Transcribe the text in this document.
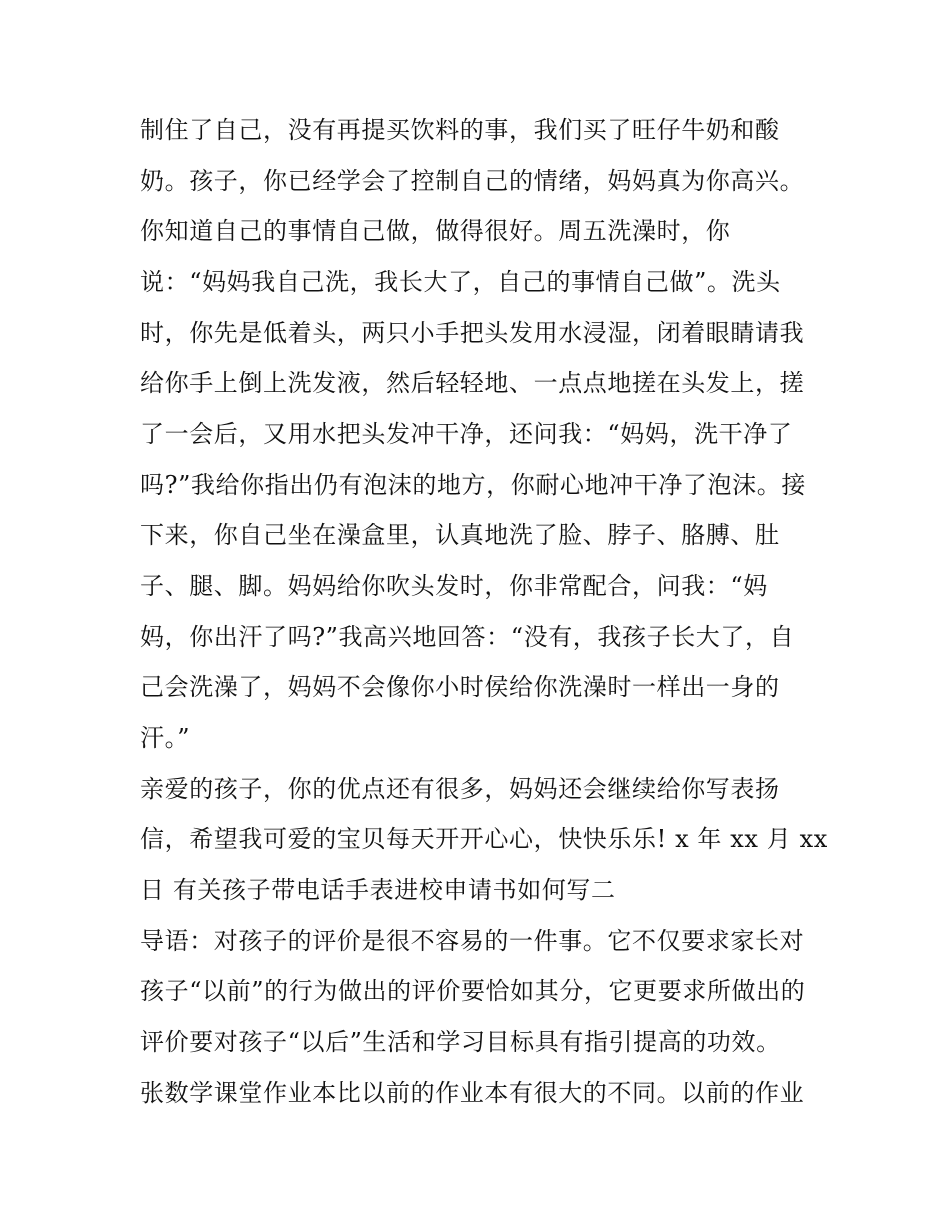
制住了自己，没有再提买饮料的事，我们买了旺仔牛奶和酸
奶。孩子，你已经学会了控制自己的情绪，妈妈真为你高兴。
你知道自己的事情自己做，做得很好。周五洗澡时，你
说：“妈妈我自己洗，我长大了，自己的事情自己做”。洗头
时，你先是低着头，两只小手把头发用水浸湿，闭着眼睛请我
给你手上倒上洗发液，然后轻轻地、一点点地搓在头发上，搓
了一会后，又用水把头发冲干净，还问我：“妈妈，洗干净了
吗?”我给你指出仍有泡沫的地方，你耐心地冲干净了泡沫。接
下来，你自己坐在澡盒里，认真地洗了脸、脖子、胳膊、肚
子、腿、脚。妈妈给你吹头发时，你非常配合，问我：“妈
妈，你出汗了吗?”我高兴地回答：“没有，我孩子长大了，自
己会洗澡了，妈妈不会像你小时侯给你洗澡时一样出一身的
汗。”
亲爱的孩子，你的优点还有很多，妈妈还会继续给你写表扬
信，希望我可爱的宝贝每天开开心心，快快乐乐! x 年 xx 月 xx
日 有关孩子带电话手表进校申请书如何写二
导语：对孩子的评价是很不容易的一件事。它不仅要求家长对
孩子“以前”的行为做出的评价要恰如其分，它更要求所做出的
评价要对孩子“以后”生活和学习目标具有指引提高的功效。
张数学课堂作业本比以前的作业本有很大的不同。以前的作业
